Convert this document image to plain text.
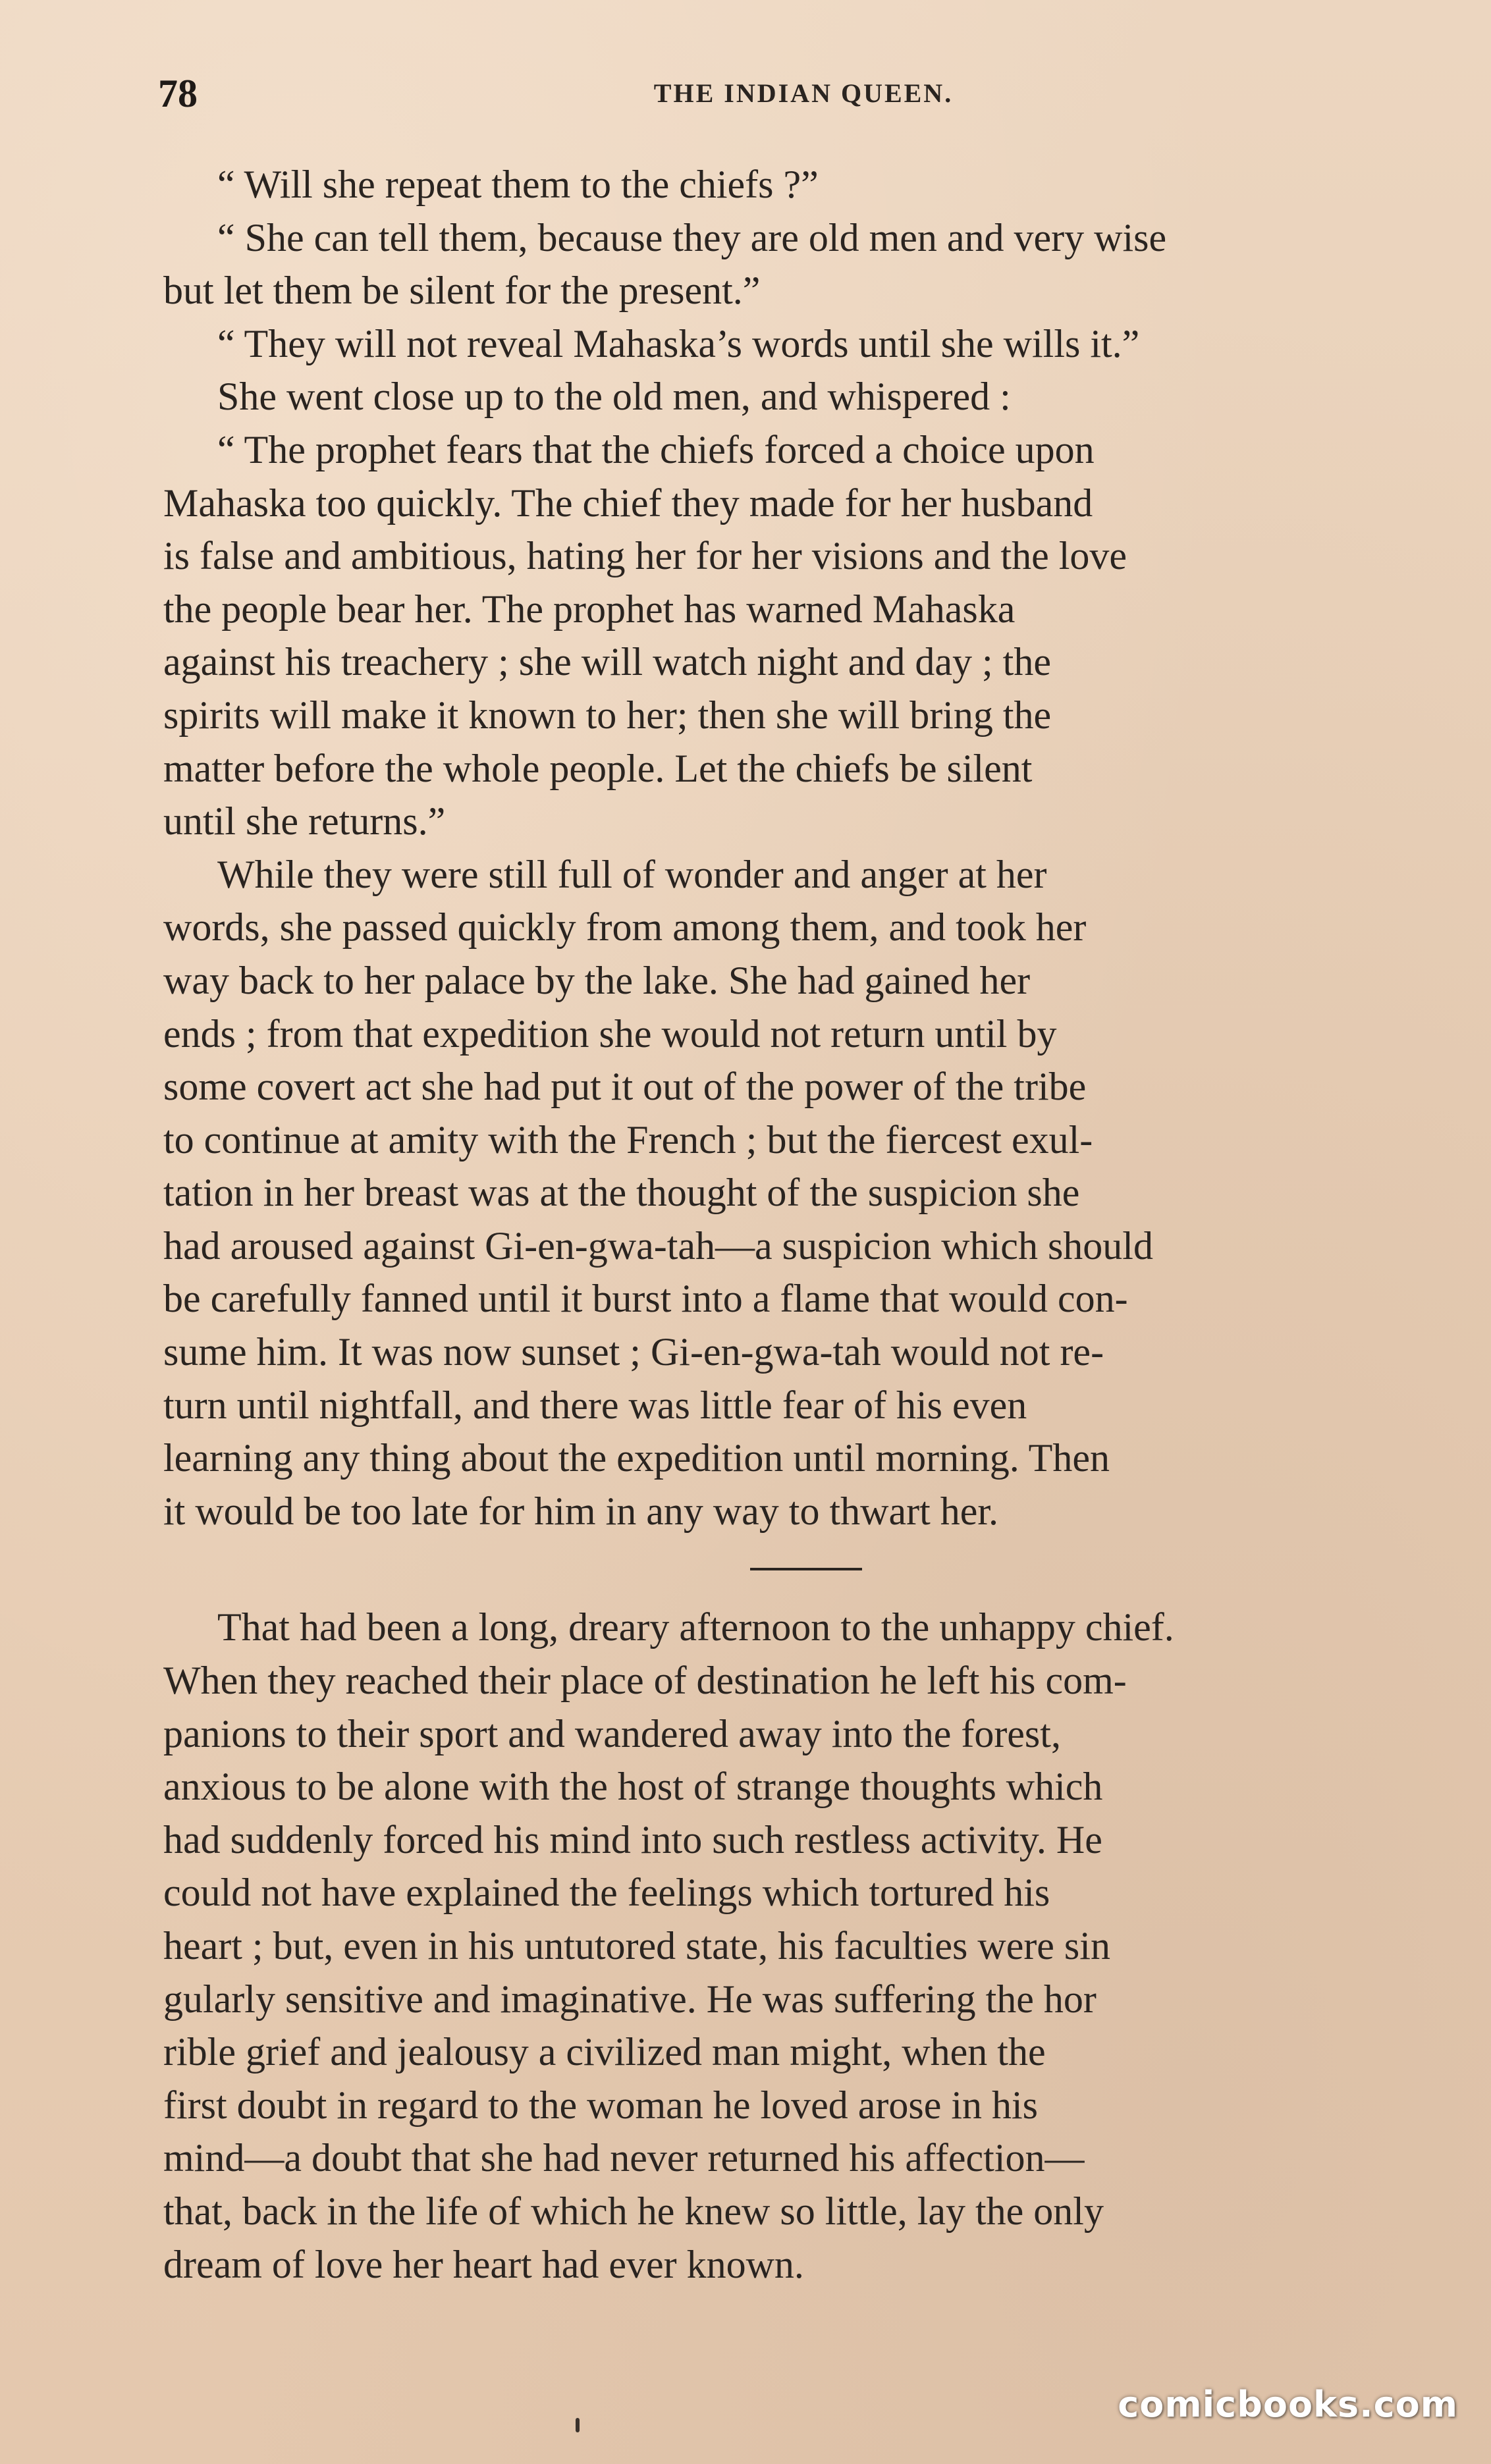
78	THE INDIAN QUEEN.
“ Will she repeat them to the chiefs ?”
“ She can tell them, because they are old men and very wise
but let them be silent for the present.”
“ They will not reveal Mahaska’s words until she wills it.”
She went close up to the old men, and whispered :
“ The prophet fears that the chiefs forced a choice upon
Mahaska too quickly. The chief they made for her husband
is false and ambitious, hating her for her visions and the love
the people bear her. The prophet has warned Mahaska
against his treachery ; she will watch night and day ; the
spirits will make it known to her; then she will bring the
matter before the whole people. Let the chiefs be silent
until she returns.”
While they were still full of wonder and anger at her
words, she passed quickly from among them, and took her
way back to her palace by the lake. She had gained her
ends ; from that expedition she would not return until by
some covert act she had put it out of the power of the tribe
to continue at amity with the French ; but the fiercest exul-
tation in her breast was at the thought of the suspicion she
had aroused against Gi-en-gwa-tah—a suspicion which should
be carefully fanned until it burst into a flame that would con-
sume him. It was now sunset ; Gi-en-gwa-tah would not re-
turn until nightfall, and there was little fear of his even
learning any thing about the expedition until morning. Then
it would be too late for him in any way to thwart her.
That had been a long, dreary afternoon to the unhappy chief.
When they reached their place of destination he left his com-
panions to their sport and wandered away into the forest,
anxious to be alone with the host of strange thoughts which
had suddenly forced his mind into such restless activity. He
could not have explained the feelings which tortured his
heart ; but, even in his untutored state, his faculties were sin
gularly sensitive and imaginative. He was suffering the hor
rible grief and jealousy a civilized man might, when the
first doubt in regard to the woman he loved arose in his
mind—a doubt that she had never returned his affection—
that, back in the life of which he knew so little, lay the only
dream of love her heart had ever known.
comicbooks.com
